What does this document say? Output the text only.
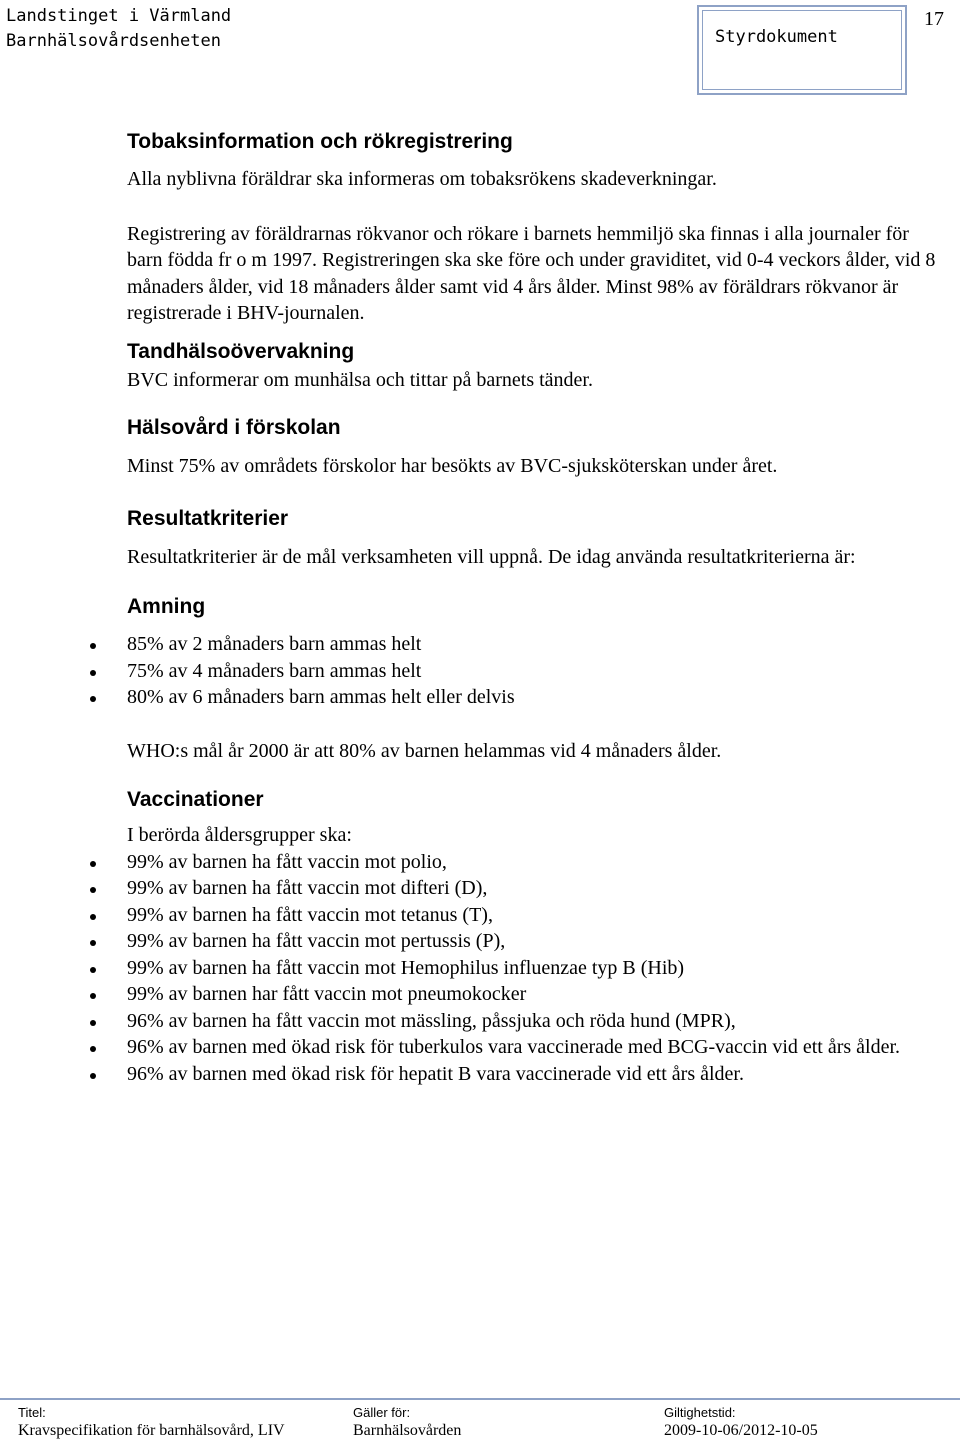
Landstinget i Värmland
Barnhälsovårdsenheten	Styrdokument
17
Tobaksinformation och rökregistrering

Alla nyblivna föräldrar ska informeras om tobaksrökens skadeverkningar.

Registrering av föräldrarnas rökvanor och rökare i barnets hemmiljö ska finnas i alla journaler för barn födda fr o m 1997. Registreringen ska ske före och under graviditet, vid 0-4 veckors ålder, vid 8 månaders ålder, vid 18 månaders ålder samt vid 4 års ålder. Minst 98% av föräldrars rökvanor är registrerade i BHV-journalen.

Tandhälsoövervakning

BVC informerar om munhälsa och tittar på barnets tänder.

Hälsovård i förskolan

Minst 75% av områdets förskolor har besökts av BVC-sjuksköterskan under året.

Resultatkriterier

Resultatkriterier är de mål verksamheten vill uppnå. De idag använda resultatkriterierna är:

Amning
85% av 2 månaders barn ammas helt
75% av 4 månaders barn ammas helt
80% av 6 månaders barn ammas helt eller delvis

WHO:s mål år 2000 är att 80% av barnen helammas vid 4 månaders ålder.

Vaccinationer

I berörda åldersgrupper ska:

99% av barnen ha fått vaccin mot polio,
99% av barnen ha fått vaccin mot difteri (D),
99% av barnen ha fått vaccin mot tetanus (T),
99% av barnen ha fått vaccin mot pertussis (P),
99% av barnen ha fått vaccin mot Hemophilus influenzae typ B (Hib)
99% av barnen har fått vaccin mot pneumokocker
96% av barnen ha fått vaccin mot mässling, påssjuka och röda hund (MPR),
96% av barnen med ökad risk för tuberkulos vara vaccinerade med BCG-vaccin vid ett års ålder.
96% av barnen med ökad risk för hepatit B vara vaccinerade vid ett års ålder.
Titel:
Kravspecifikation för barnhälsovård, LIV
Gäller för:
Barnhälsovården
Giltighetstid:
2009-10-06/2012-10-05
